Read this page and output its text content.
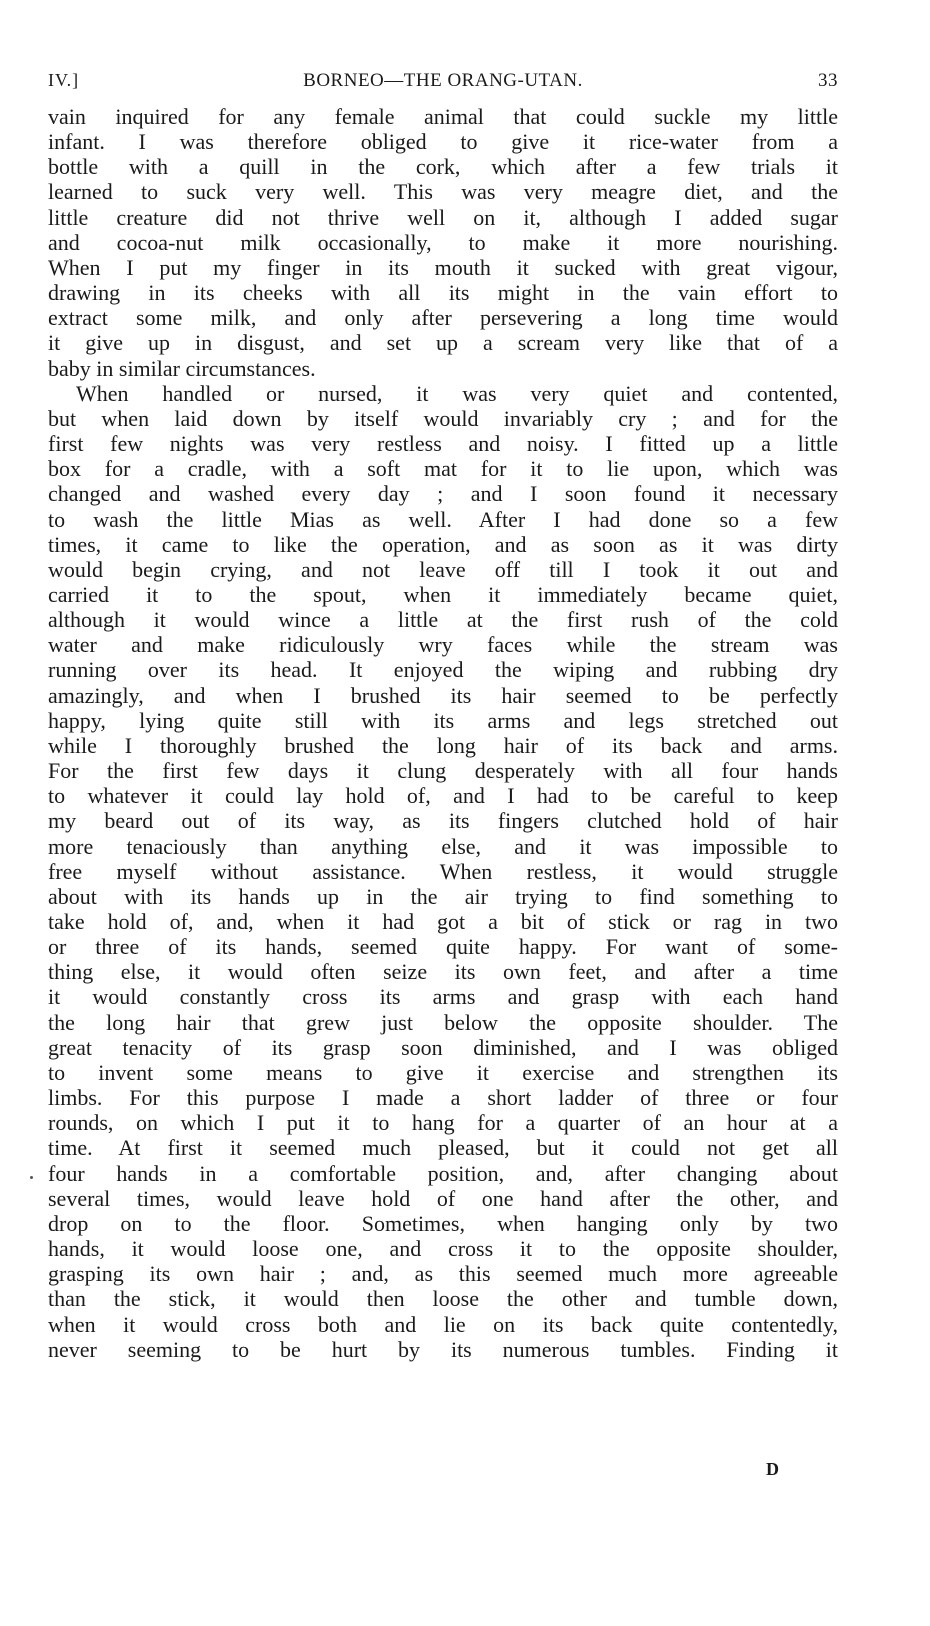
IV.]	BORNEO—THE ORANG-UTAN.	33
vain inquired for any female animal that could suckle my little
infant. I was therefore obliged to give it rice-water from a
bottle with a quill in the cork, which after a few trials it
learned to suck very well. This was very meagre diet, and the
little creature did not thrive well on it, although I added sugar
and cocoa-nut milk occasionally, to make it more nourishing.
When I put my finger in its mouth it sucked with great vigour,
drawing in its cheeks with all its might in the vain effort to
extract some milk, and only after persevering a long time would
it give up in disgust, and set up a scream very like that of a
baby in similar circumstances.
When handled or nursed, it was very quiet and contented,
but when laid down by itself would invariably cry ; and for the
first few nights was very restless and noisy. I fitted up a little
box for a cradle, with a soft mat for it to lie upon, which was
changed and washed every day ; and I soon found it necessary
to wash the little Mias as well. After I had done so a few
times, it came to like the operation, and as soon as it was dirty
would begin crying, and not leave off till I took it out and
carried it to the spout, when it immediately became quiet,
although it would wince a little at the first rush of the cold
water and make ridiculously wry faces while the stream was
running over its head. It enjoyed the wiping and rubbing dry
amazingly, and when I brushed its hair seemed to be perfectly
happy, lying quite still with its arms and legs stretched out
while I thoroughly brushed the long hair of its back and arms.
For the first few days it clung desperately with all four hands
to whatever it could lay hold of, and I had to be careful to keep
my beard out of its way, as its fingers clutched hold of hair
more tenaciously than anything else, and it was impossible to
free myself without assistance. When restless, it would struggle
about with its hands up in the air trying to find something to
take hold of, and, when it had got a bit of stick or rag in two
or three of its hands, seemed quite happy. For want of some-
thing else, it would often seize its own feet, and after a time
it would constantly cross its arms and grasp with each hand
the long hair that grew just below the opposite shoulder. The
great tenacity of its grasp soon diminished, and I was obliged
to invent some means to give it exercise and strengthen its
limbs. For this purpose I made a short ladder of three or four
rounds, on which I put it to hang for a quarter of an hour at a
time. At first it seemed much pleased, but it could not get all
four hands in a comfortable position, and, after changing about
several times, would leave hold of one hand after the other, and
drop on to the floor. Sometimes, when hanging only by two
hands, it would loose one, and cross it to the opposite shoulder,
grasping its own hair ; and, as this seemed much more agreeable
than the stick, it would then loose the other and tumble down,
when it would cross both and lie on its back quite contentedly,
never seeming to be hurt by its numerous tumbles. Finding it
D
